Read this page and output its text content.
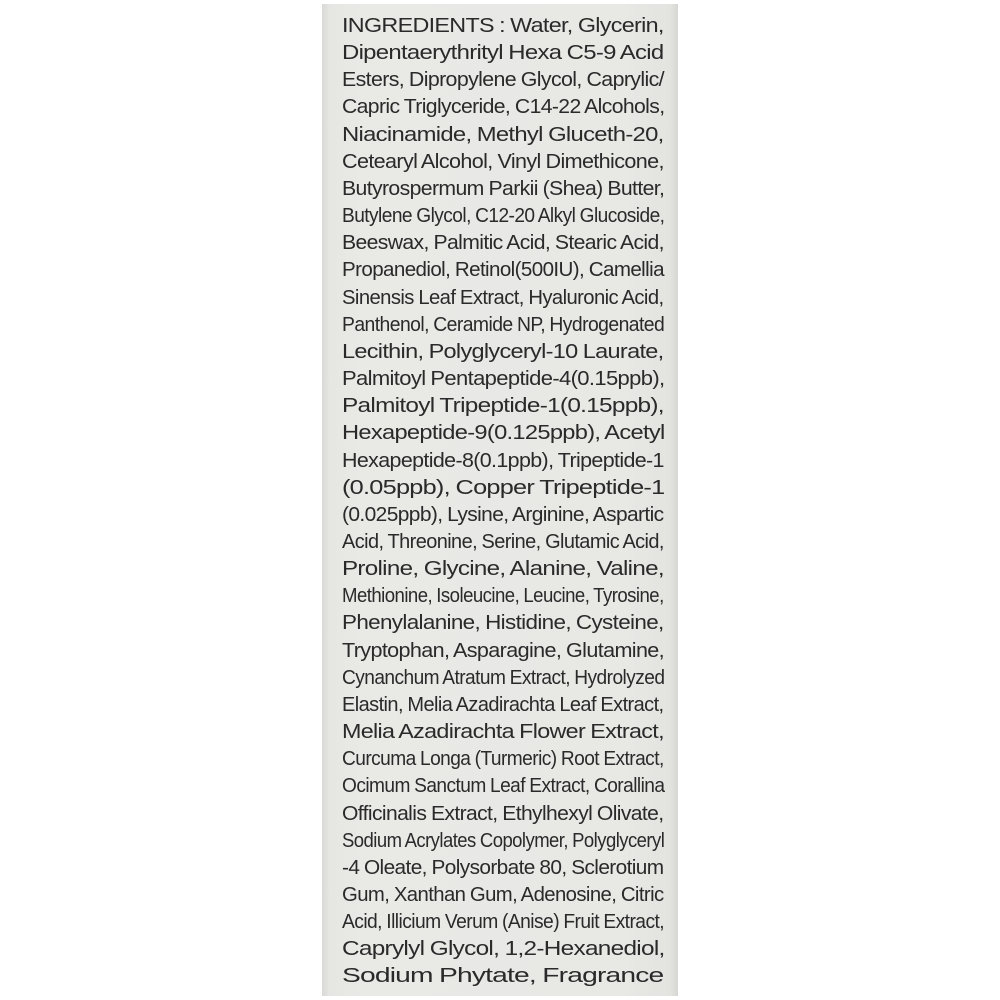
INGREDIENTS : Water, Glycerin,
Dipentaerythrityl Hexa C5-9 Acid
Esters, Dipropylene Glycol, Caprylic/
Capric Triglyceride, C14-22 Alcohols,
Niacinamide, Methyl Gluceth-20,
Cetearyl Alcohol, Vinyl Dimethicone,
Butyrospermum Parkii (Shea) Butter,
Butylene Glycol, C12-20 Alkyl Glucoside,
Beeswax, Palmitic Acid, Stearic Acid,
Propanediol, Retinol(500IU), Camellia
Sinensis Leaf Extract, Hyaluronic Acid,
Panthenol, Ceramide NP, Hydrogenated
Lecithin, Polyglyceryl-10 Laurate,
Palmitoyl Pentapeptide-4(0.15ppb),
Palmitoyl Tripeptide-1(0.15ppb),
Hexapeptide-9(0.125ppb), Acetyl
Hexapeptide-8(0.1ppb), Tripeptide-1
(0.05ppb), Copper Tripeptide-1
(0.025ppb), Lysine, Arginine, Aspartic
Acid, Threonine, Serine, Glutamic Acid,
Proline, Glycine, Alanine, Valine,
Methionine, Isoleucine, Leucine, Tyrosine,
Phenylalanine, Histidine, Cysteine,
Tryptophan, Asparagine, Glutamine,
Cynanchum Atratum Extract, Hydrolyzed
Elastin, Melia Azadirachta Leaf Extract,
Melia Azadirachta Flower Extract,
Curcuma Longa (Turmeric) Root Extract,
Ocimum Sanctum Leaf Extract, Corallina
Officinalis Extract, Ethylhexyl Olivate,
Sodium Acrylates Copolymer, Polyglyceryl
-4 Oleate, Polysorbate 80, Sclerotium
Gum, Xanthan Gum, Adenosine, Citric
Acid, Illicium Verum (Anise) Fruit Extract,
Caprylyl Glycol, 1,2-Hexanediol,
Sodium Phytate, Fragrance
